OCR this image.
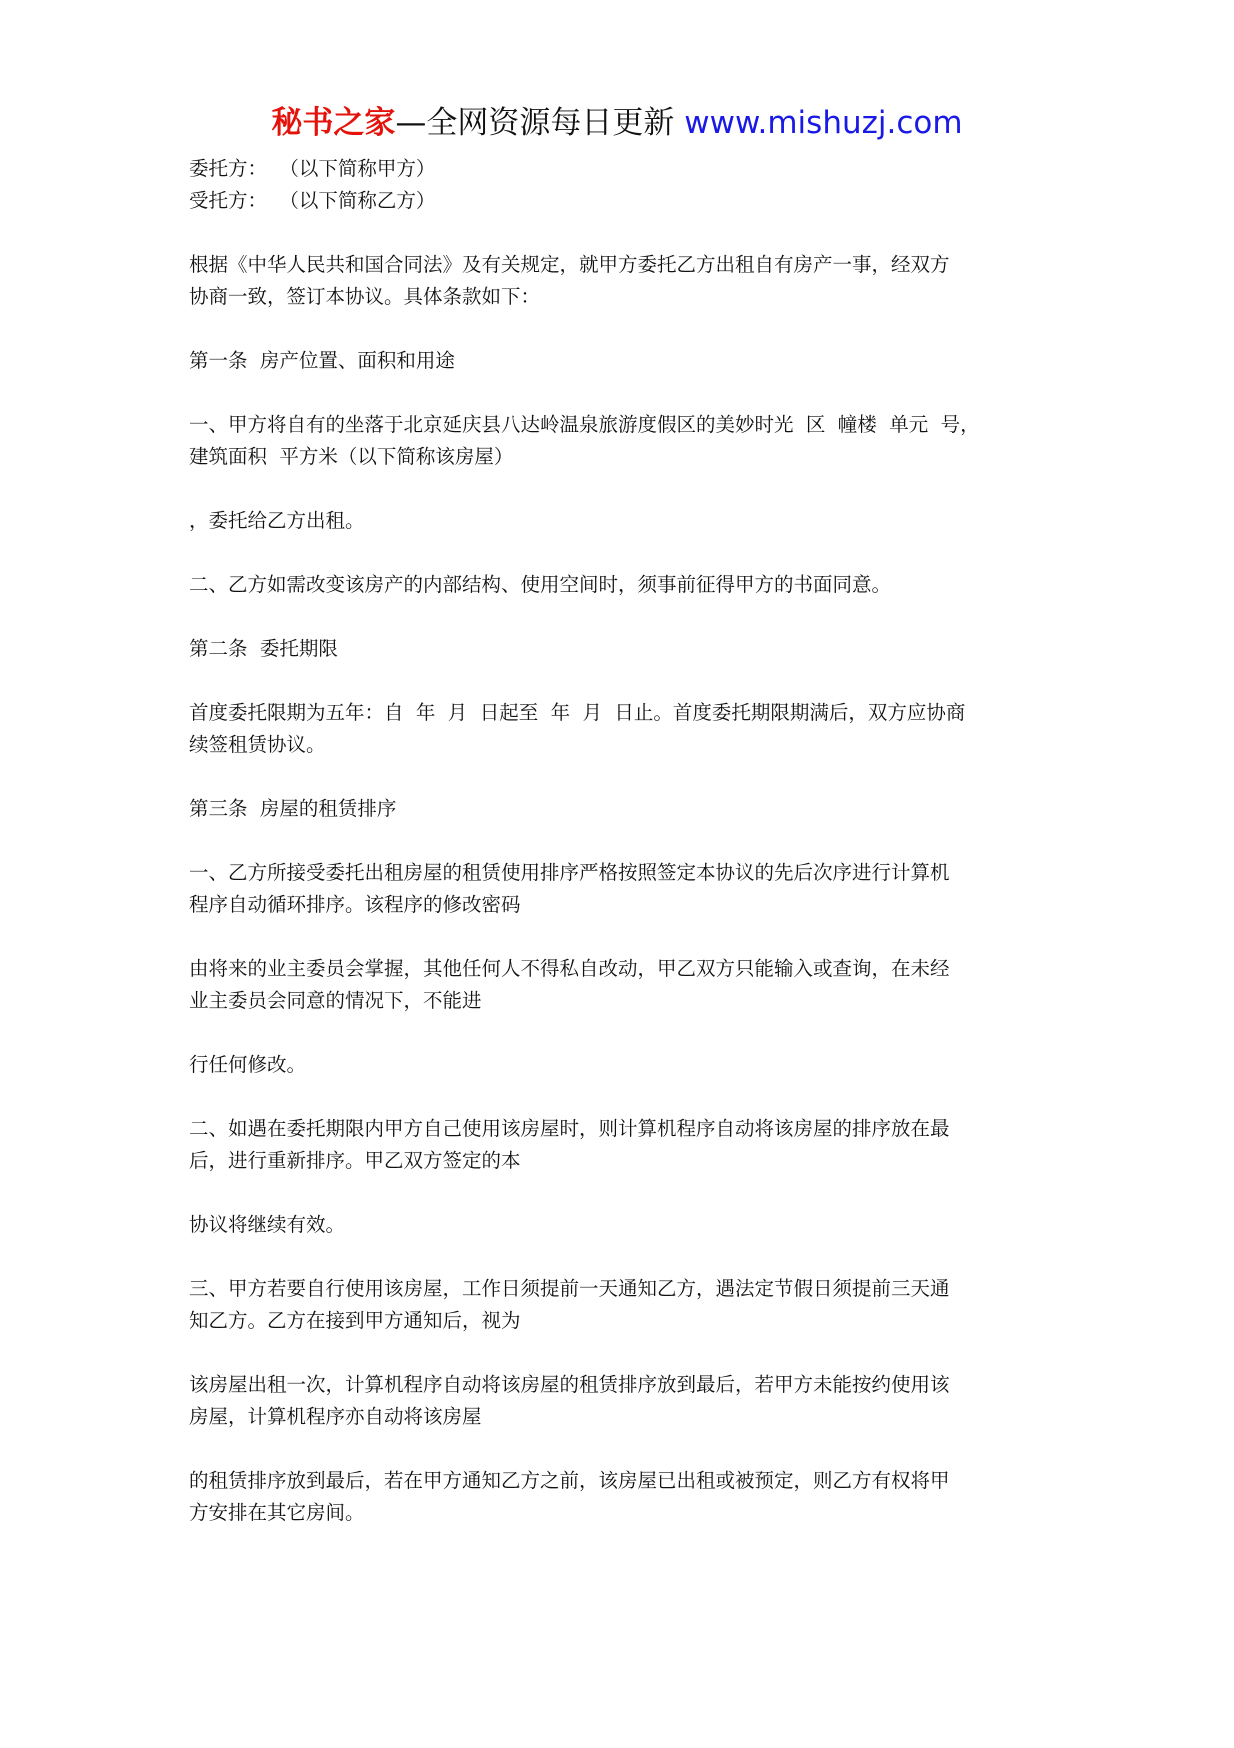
秘书之家—全网资源每日更新 www.mishuzj.com

委托方：  （以下简称甲方）

受托方：  （以下简称乙方）

根据《中华人民共和国合同法》及有关规定，就甲方委托乙方出租自有房产一事，经双方
协商一致，签订本协议。具体条款如下：
第一条  房产位置、面积和用途
一、甲方将自有的坐落于北京延庆县八达岭温泉旅游度假区的美妙时光  区  幢楼  单元  号，
建筑面积  平方米（以下简称该房屋）
，委托给乙方出租。
二、乙方如需改变该房产的内部结构、使用空间时，须事前征得甲方的书面同意。
第二条  委托期限
首度委托限期为五年：自  年  月  日起至  年  月  日止。首度委托期限期满后，双方应协商
续签租赁协议。
第三条  房屋的租赁排序
一、乙方所接受委托出租房屋的租赁使用排序严格按照签定本协议的先后次序进行计算机
程序自动循环排序。该程序的修改密码
由将来的业主委员会掌握，其他任何人不得私自改动，甲乙双方只能输入或查询，在未经
业主委员会同意的情况下，不能进
行任何修改。
二、如遇在委托期限内甲方自己使用该房屋时，则计算机程序自动将该房屋的排序放在最
后，进行重新排序。甲乙双方签定的本
协议将继续有效。
三、甲方若要自行使用该房屋，工作日须提前一天通知乙方，遇法定节假日须提前三天通
知乙方。乙方在接到甲方通知后，视为
该房屋出租一次，计算机程序自动将该房屋的租赁排序放到最后，若甲方未能按约使用该
房屋，计算机程序亦自动将该房屋
的租赁排序放到最后，若在甲方通知乙方之前，该房屋已出租或被预定，则乙方有权将甲
方安排在其它房间。
